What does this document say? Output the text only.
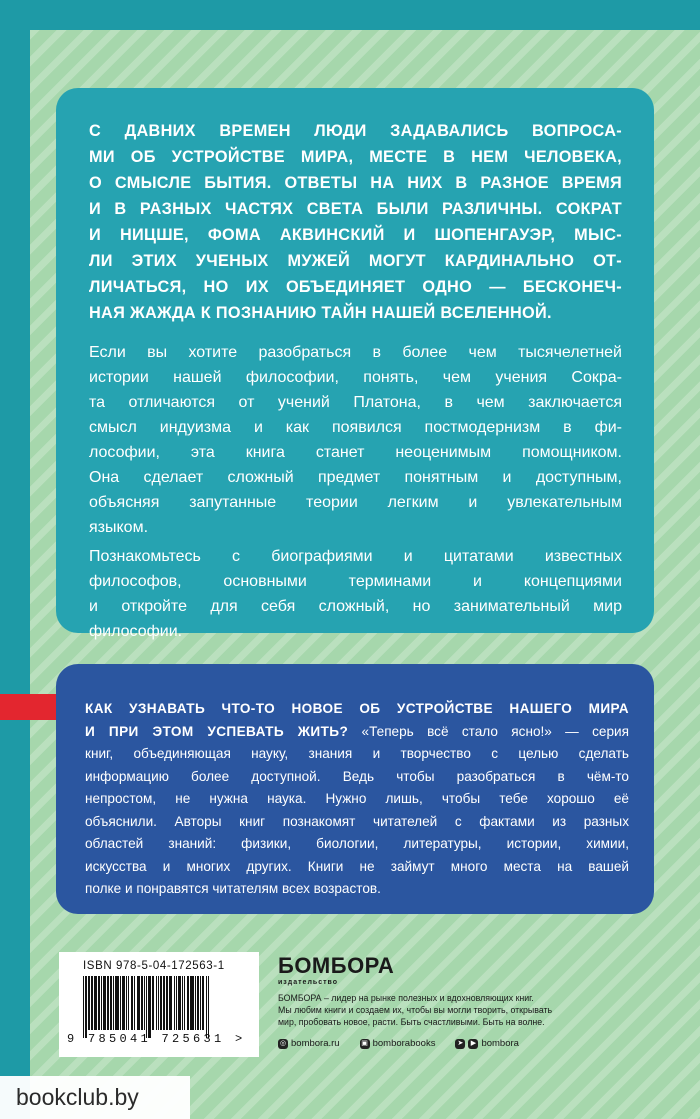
С ДАВНИХ ВРЕМЕН ЛЮДИ ЗАДАВАЛИСЬ ВОПРОСА-
МИ ОБ УСТРОЙСТВЕ МИРА, МЕСТЕ В НЕМ ЧЕЛОВЕКА,
О СМЫСЛЕ БЫТИЯ. ОТВЕТЫ НА НИХ В РАЗНОЕ ВРЕМЯ
И В РАЗНЫХ ЧАСТЯХ СВЕТА БЫЛИ РАЗЛИЧНЫ. СОКРАТ
И НИЦШЕ, ФОМА АКВИНСКИЙ И ШОПЕНГАУЭР, МЫС-
ЛИ ЭТИХ УЧЕНЫХ МУЖЕЙ МОГУТ КАРДИНАЛЬНО ОТ-
ЛИЧАТЬСЯ, НО ИХ ОБЪЕДИНЯЕТ ОДНО — БЕСКОНЕЧ-
НАЯ ЖАЖДА К ПОЗНАНИЮ ТАЙН НАШЕЙ ВСЕЛЕННОЙ.

Если вы хотите разобраться в более чем тысячелетней
истории нашей философии, понять, чем учения Сокра-
та отличаются от учений Платона, в чем заключается
смысл индуизма и как появился постмодернизм в фи-
лософии, эта книга станет неоценимым помощником.
Она сделает сложный предмет понятным и доступным,
объясняя запутанные теории легким и увлекательным
языком.

Познакомьтесь с биографиями и цитатами известных
философов, основными терминами и концепциями
и откройте для себя сложный, но занимательный мир
философии.

КАК УЗНАВАТЬ ЧТО-ТО НОВОЕ ОБ УСТРОЙСТВЕ НАШЕГО МИРА
И ПРИ ЭТОМ УСПЕВАТЬ ЖИТЬ? «Теперь всё стало ясно!» — серия
книг, объединяющая науку, знания и творчество с целью сделать
информацию более доступной. Ведь чтобы разобраться в чём-то
непростом, не нужна наука. Нужно лишь, чтобы тебе хорошо её
объяснили. Авторы книг познакомят читателей с фактами из разных
областей знаний: физики, биологии, литературы, истории, химии,
искусства и многих других. Книги не займут много места на вашей
полке и понравятся читателям всех возрастов.

ISBN 978-5-04-172563-1
9 785041 725631 >

БОМБОРА

издательство

БОМБОРА – лидер на рынке полезных и вдохновляющих книг.
Мы любим книги и создаем их, чтобы вы могли творить, открывать
мир, пробовать новое, расти. Быть счастливыми. Быть на волне.

◎ bombora.ru	▣ bomborabooks	➤	▶ bombora
bookclub.by
